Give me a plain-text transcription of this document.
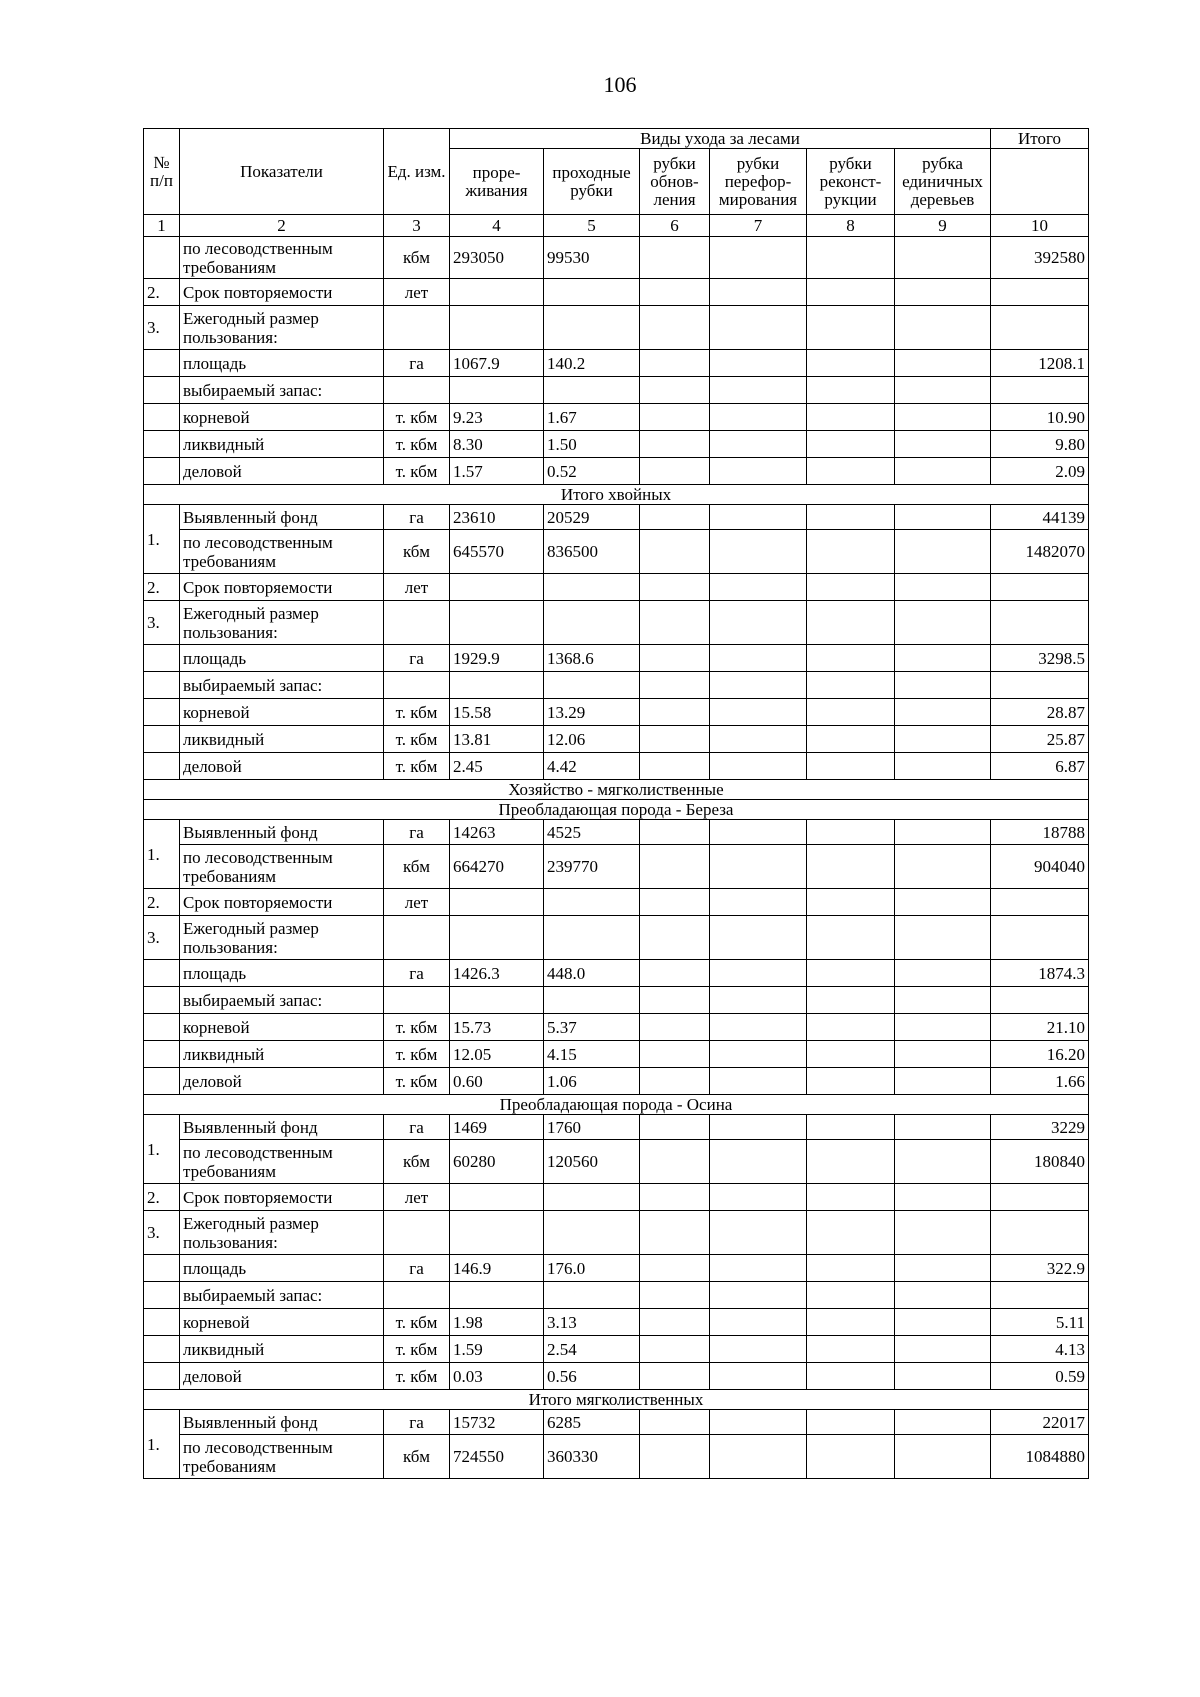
106
№ п/п	Показатели	Ед. изм.	Виды ухода за лесами						Итого
			проре-живания	проходные рубки	рубки обнов-ления	рубки перефор-мирования	рубки реконст-рукции	рубка единичных деревьев	
1	2	3	4	5	6	7	8	9	10
	по лесоводственным требованиям	кбм	293050	99530					392580
2.	Срок повторяемости	лет							
3.	Ежегодный размер пользования:								
	площадь	га	1067.9	140.2					1208.1
	выбираемый запас:								
	корневой	т. кбм	9.23	1.67					10.90
	ликвидный	т. кбм	8.30	1.50					9.80
	деловой	т. кбм	1.57	0.52					2.09
Итого хвойных									
1.	Выявленный фонд	га	23610	20529					44139
	по лесоводственным требованиям	кбм	645570	836500					1482070
2.	Срок повторяемости	лет							
3.	Ежегодный размер пользования:								
	площадь	га	1929.9	1368.6					3298.5
	выбираемый запас:								
	корневой	т. кбм	15.58	13.29					28.87
	ликвидный	т. кбм	13.81	12.06					25.87
	деловой	т. кбм	2.45	4.42					6.87
Хозяйство - мягколиственные									
Преобладающая порода - Береза									
1.	Выявленный фонд	га	14263	4525					18788
	по лесоводственным требованиям	кбм	664270	239770					904040
2.	Срок повторяемости	лет							
3.	Ежегодный размер пользования:								
	площадь	га	1426.3	448.0					1874.3
	выбираемый запас:								
	корневой	т. кбм	15.73	5.37					21.10
	ликвидный	т. кбм	12.05	4.15					16.20
	деловой	т. кбм	0.60	1.06					1.66
Преобладающая порода - Осина									
1.	Выявленный фонд	га	1469	1760					3229
	по лесоводственным требованиям	кбм	60280	120560					180840
2.	Срок повторяемости	лет							
3.	Ежегодный размер пользования:								
	площадь	га	146.9	176.0					322.9
	выбираемый запас:								
	корневой	т. кбм	1.98	3.13					5.11
	ликвидный	т. кбм	1.59	2.54					4.13
	деловой	т. кбм	0.03	0.56					0.59
Итого мягколиственных									
1.	Выявленный фонд	га	15732	6285					22017
	по лесоводственным требованиям	кбм	724550	360330					1084880
